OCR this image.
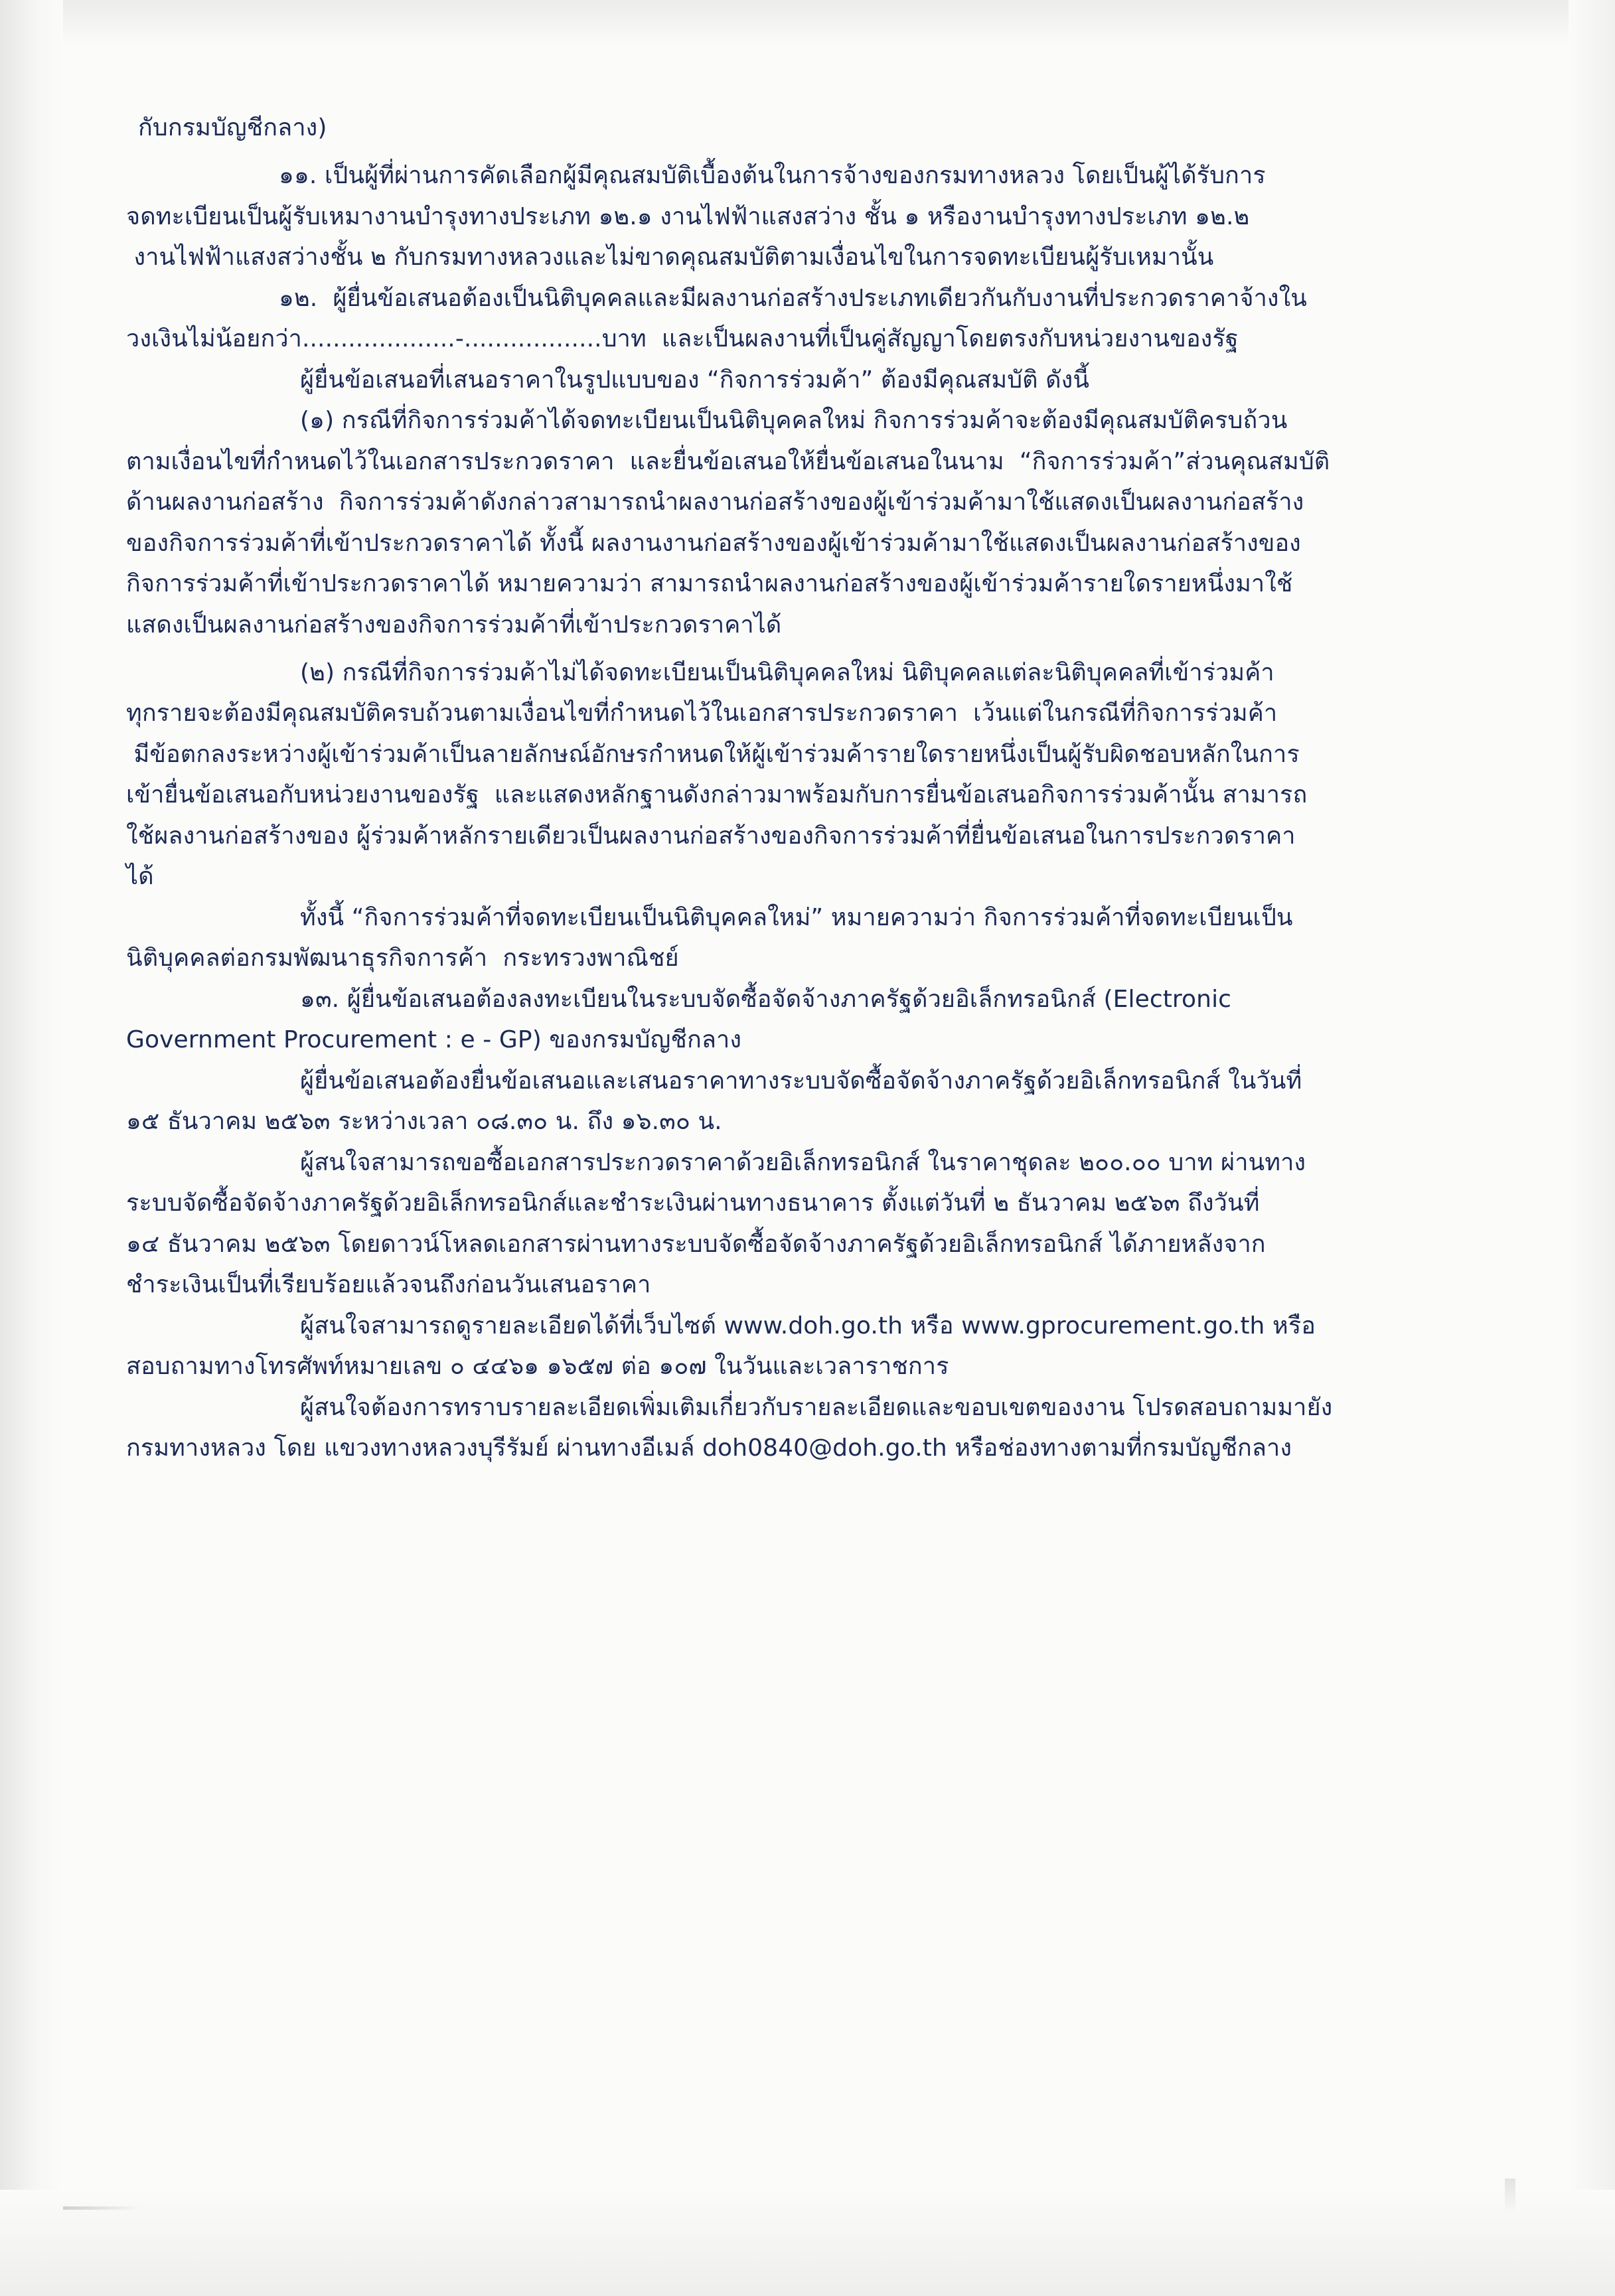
กับกรมบัญชีกลาง)
๑๑. เป็นผู้ที่ผ่านการคัดเลือกผู้มีคุณสมบัติเบื้องต้นในการจ้างของกรมทางหลวง โดยเป็นผู้ได้รับการ
จดทะเบียนเป็นผู้รับเหมางานบำรุงทางประเภท ๑๒.๑ งานไฟฟ้าแสงสว่าง ชั้น ๑ หรืองานบำรุงทางประเภท ๑๒.๒
งานไฟฟ้าแสงสว่างชั้น ๒ กับกรมทางหลวงและไม่ขาดคุณสมบัติตามเงื่อนไขในการจดทะเบียนผู้รับเหมานั้น
๑๒.  ผู้ยื่นข้อเสนอต้องเป็นนิติบุคคลและมีผลงานก่อสร้างประเภทเดียวกันกับงานที่ประกวดราคาจ้างใน
วงเงินไม่น้อยกว่า....................-..................บาท  และเป็นผลงานที่เป็นคู่สัญญาโดยตรงกับหน่วยงานของรัฐ
ผู้ยื่นข้อเสนอที่เสนอราคาในรูปแบบของ “กิจการร่วมค้า” ต้องมีคุณสมบัติ ดังนี้
(๑) กรณีที่กิจการร่วมค้าได้จดทะเบียนเป็นนิติบุคคลใหม่ กิจการร่วมค้าจะต้องมีคุณสมบัติครบถ้วน
ตามเงื่อนไขที่กำหนดไว้ในเอกสารประกวดราคา  และยื่นข้อเสนอให้ยื่นข้อเสนอในนาม  “กิจการร่วมค้า”ส่วนคุณสมบัติ
ด้านผลงานก่อสร้าง  กิจการร่วมค้าดังกล่าวสามารถนำผลงานก่อสร้างของผู้เข้าร่วมค้ามาใช้แสดงเป็นผลงานก่อสร้าง
ของกิจการร่วมค้าที่เข้าประกวดราคาได้ ทั้งนี้ ผลงานงานก่อสร้างของผู้เข้าร่วมค้ามาใช้แสดงเป็นผลงานก่อสร้างของ
กิจการร่วมค้าที่เข้าประกวดราคาได้ หมายความว่า สามารถนำผลงานก่อสร้างของผู้เข้าร่วมค้ารายใดรายหนึ่งมาใช้
แสดงเป็นผลงานก่อสร้างของกิจการร่วมค้าที่เข้าประกวดราคาได้
(๒) กรณีที่กิจการร่วมค้าไม่ได้จดทะเบียนเป็นนิติบุคคลใหม่ นิติบุคคลแต่ละนิติบุคคลที่เข้าร่วมค้า
ทุกรายจะต้องมีคุณสมบัติครบถ้วนตามเงื่อนไขที่กำหนดไว้ในเอกสารประกวดราคา  เว้นแต่ในกรณีที่กิจการร่วมค้า
มีข้อตกลงระหว่างผู้เข้าร่วมค้าเป็นลายลักษณ์อักษรกำหนดให้ผู้เข้าร่วมค้ารายใดรายหนึ่งเป็นผู้รับผิดชอบหลักในการ
เข้ายื่นข้อเสนอกับหน่วยงานของรัฐ  และแสดงหลักฐานดังกล่าวมาพร้อมกับการยื่นข้อเสนอกิจการร่วมค้านั้น สามารถ
ใช้ผลงานก่อสร้างของ ผู้ร่วมค้าหลักรายเดียวเป็นผลงานก่อสร้างของกิจการร่วมค้าที่ยื่นข้อเสนอในการประกวดราคา
ได้
ทั้งนี้ “กิจการร่วมค้าที่จดทะเบียนเป็นนิติบุคคลใหม่” หมายความว่า กิจการร่วมค้าที่จดทะเบียนเป็น
นิติบุคคลต่อกรมพัฒนาธุรกิจการค้า  กระทรวงพาณิชย์
๑๓. ผู้ยื่นข้อเสนอต้องลงทะเบียนในระบบจัดซื้อจัดจ้างภาครัฐด้วยอิเล็กทรอนิกส์ (Electronic
Government Procurement : e - GP) ของกรมบัญชีกลาง
ผู้ยื่นข้อเสนอต้องยื่นข้อเสนอและเสนอราคาทางระบบจัดซื้อจัดจ้างภาครัฐด้วยอิเล็กทรอนิกส์ ในวันที่
๑๕ ธันวาคม ๒๕๖๓ ระหว่างเวลา ๐๘.๓๐ น. ถึง ๑๖.๓๐ น.
ผู้สนใจสามารถขอซื้อเอกสารประกวดราคาด้วยอิเล็กทรอนิกส์ ในราคาชุดละ ๒๐๐.๐๐ บาท ผ่านทาง
ระบบจัดซื้อจัดจ้างภาครัฐด้วยอิเล็กทรอนิกส์และชำระเงินผ่านทางธนาคาร ตั้งแต่วันที่ ๒ ธันวาคม ๒๕๖๓ ถึงวันที่
๑๔ ธันวาคม ๒๕๖๓ โดยดาวน์โหลดเอกสารผ่านทางระบบจัดซื้อจัดจ้างภาครัฐด้วยอิเล็กทรอนิกส์ ได้ภายหลังจาก
ชำระเงินเป็นที่เรียบร้อยแล้วจนถึงก่อนวันเสนอราคา
ผู้สนใจสามารถดูรายละเอียดได้ที่เว็บไซต์ www.doh.go.th หรือ www.gprocurement.go.th หรือ
สอบถามทางโทรศัพท์หมายเลข ๐ ๔๔๖๑ ๑๖๕๗ ต่อ ๑๐๗ ในวันและเวลาราชการ
ผู้สนใจต้องการทราบรายละเอียดเพิ่มเติมเกี่ยวกับรายละเอียดและขอบเขตของงาน โปรดสอบถามมายัง
กรมทางหลวง โดย แขวงทางหลวงบุรีรัมย์ ผ่านทางอีเมล์ doh0840@doh.go.th หรือช่องทางตามที่กรมบัญชีกลาง
